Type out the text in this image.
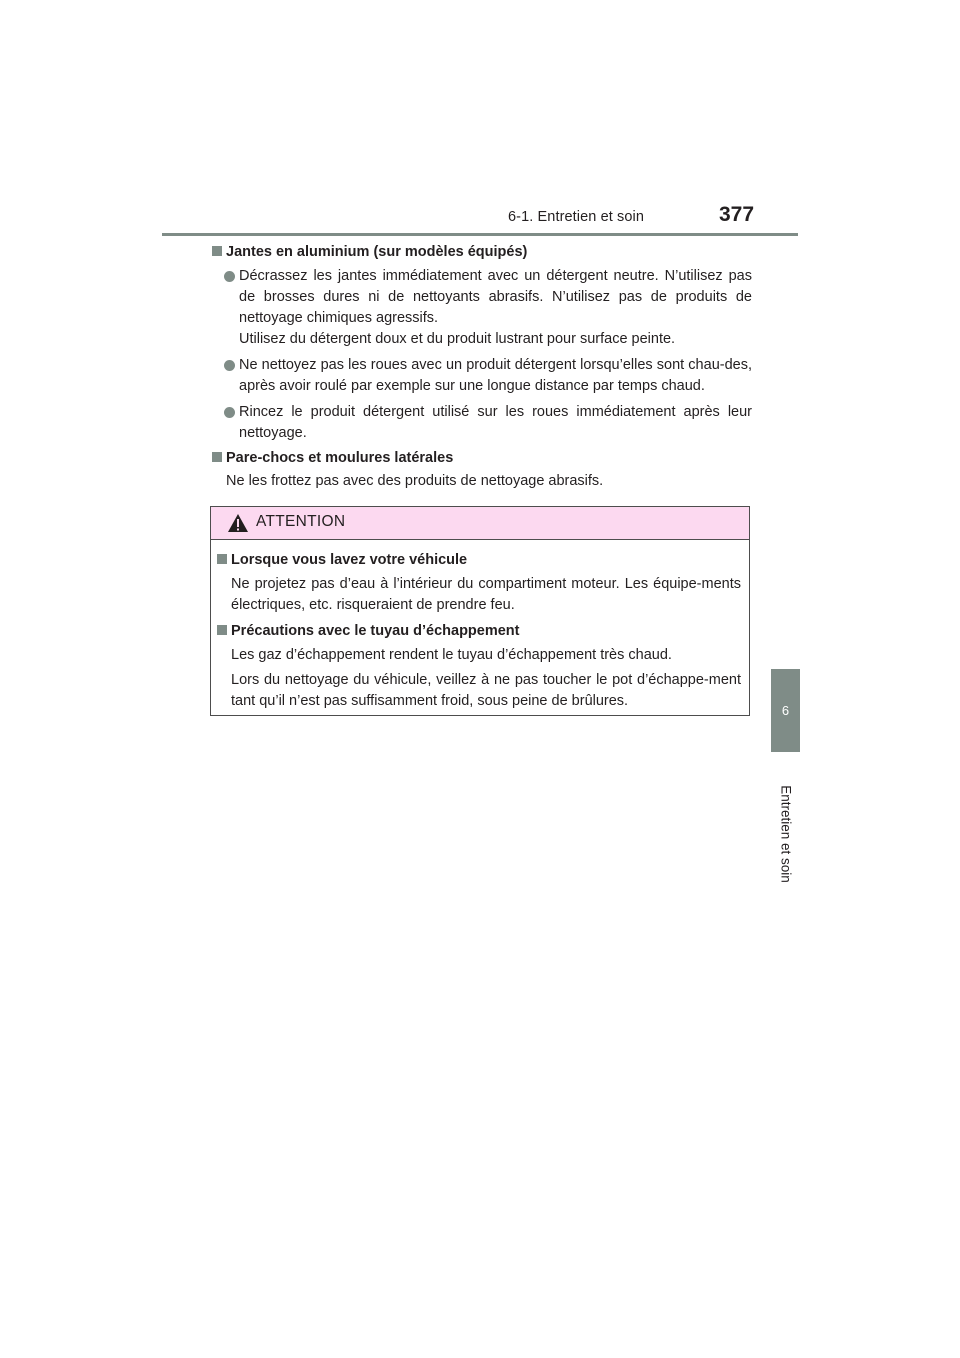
6-1. Entretien et soin	377
6
Entretien et soin
Jantes en aluminium (sur modèles équipés)

Décrassez les jantes immédiatement avec un détergent neutre. N’utilisez pas de brosses dures ni de nettoyants abrasifs. N’utilisez pas de produits de nettoyage chimiques agressifs.

Utilisez du détergent doux et du produit lustrant pour surface peinte.

Ne nettoyez pas les roues avec un produit détergent lorsqu’elles sont chau-des, après avoir roulé par exemple sur une longue distance par temps chaud.

Rincez le produit détergent utilisé sur les roues immédiatement après leur nettoyage.

Pare-chocs et moulures latérales
Ne les frottez pas avec des produits de nettoyage abrasifs.
ATTENTION
Lorsque vous lavez votre véhicule
Ne projetez pas d’eau à l’intérieur du compartiment moteur. Les équipe-ments électriques, etc. risqueraient de prendre feu.
Précautions avec le tuyau d’échappement
Les gaz d’échappement rendent le tuyau d’échappement très chaud.
Lors du nettoyage du véhicule, veillez à ne pas toucher le pot d’échappe-ment tant qu’il n’est pas suffisamment froid, sous peine de brûlures.
